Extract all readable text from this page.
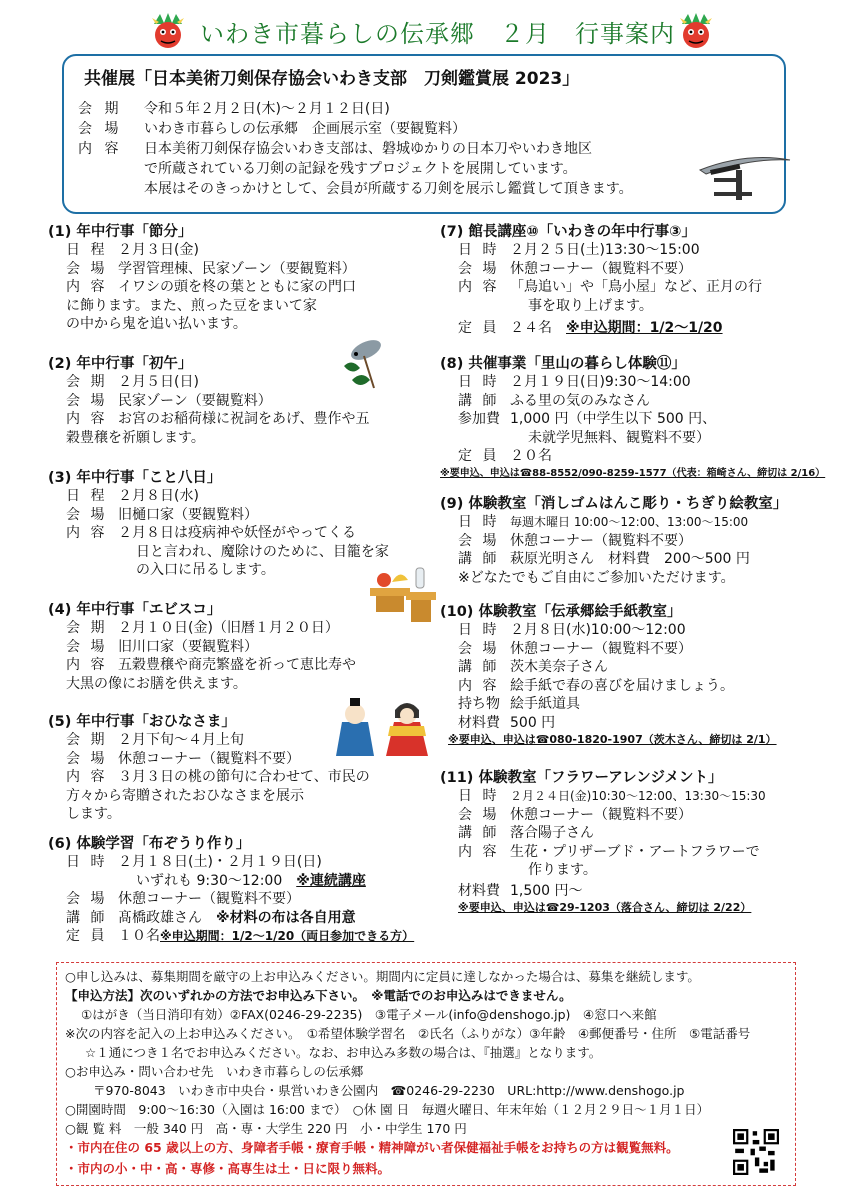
いわき市暮らしの伝承郷　２月　行事案内
共催展「日本美術刀剣保存協会いわき支部　刀剣鑑賞展 2023」
会 期 令和５年２月２日(木)～２月１２日(日)
会 場 いわき市暮らしの伝承郷　企画展示室（要観覧料）
内 容 日本美術刀剣保存協会いわき支部は、磐城ゆかりの日本刀やいわき地区
で所蔵されている刀剣の記録を残すプロジェクトを展開しています。
本展はそのきっかけとして、会員が所蔵する刀剣を展示し鑑賞して頂きます。
(1) 年中行事「節分」
日 程 ２月３日(金)
会 場 学習管理棟、民家ゾーン（要観覧料）
内 容 イワシの頭を柊の葉とともに家の門口
に飾ります。また、煎った豆をまいて家
の中から鬼を追い払います。
(2) 年中行事「初午」
会 期 ２月５日(日)
会 場 民家ゾーン（要観覧料）
内 容 お宮のお稲荷様に祝詞をあげ、豊作や五
穀豊穣を祈願します。
(3) 年中行事「こと八日」
日 程 ２月８日(水)
会 場 旧樋口家（要観覧料）
内 容 ２月８日は疫病神や妖怪がやってくる
日と言われ、魔除けのために、目籠を家
の入口に吊るします。
(4) 年中行事「エビスコ」
会 期 ２月１０日(金)（旧暦１月２０日）
会 場 旧川口家（要観覧料）
内 容 五穀豊穣や商売繁盛を祈って恵比寿や
大黒の像にお膳を供えます。
(5) 年中行事「おひなさま」
会 期 ２月下旬～４月上旬
会 場 休憩コーナー（観覧料不要）
内 容 ３月３日の桃の節句に合わせて、市民の
方々から寄贈されたおひなさまを展示
します。
(6) 体験学習「布ぞうり作り」
日 時 ２月１８日(土)・２月１９日(日)
いずれも 9:30～12:00　※連続講座
会 場 休憩コーナー（観覧料不要）
講 師 髙橋政雄さん　 ※材料の布は各自用意
定 員 １０名 ※申込期間：1/2～1/20（両日参加できる方）
(7) 館長講座⑩「いわきの年中行事③」
日 時 ２月２５日(土)13:30～15:00
会 場 休憩コーナー（観覧料不要）
内 容 「鳥追い」や「鳥小屋」など、正月の行
事を取り上げます。
定 員 ２４名　 ※申込期間：1/2～1/20
(8) 共催事業「里山の暮らし体験⑪」
日 時 ２月１９日(日)9:30～14:00
講 師 ふる里の気のみなさん
参加費 1,000 円（中学生以下 500 円、
未就学児無料、観覧料不要）
定 員 ２０名
※要申込、申込は☎88-8552/090-8259-1577（代表：箱崎さん、締切は 2/16）
(9) 体験教室「消しゴムはんこ彫り・ちぎり絵教室」
日 時 毎週木曜日 10:00～12:00、13:00～15:00
会 場 休憩コーナー（観覧料不要）
講 師 萩原光明さん　材料費　200～500 円
※どなたでもご自由にご参加いただけます。
(10) 体験教室「伝承郷絵手紙教室」
日 時 ２月８日(水)10:00～12:00
会 場 休憩コーナー（観覧料不要）
講 師 茨木美奈子さん
内 容 絵手紙で春の喜びを届けましょう。
持ち物 絵手紙道具
材料費 500 円
※要申込、申込は☎080-1820-1907（茨木さん、締切は 2/1）
(11) 体験教室「フラワーアレンジメント」
日 時 ２月２４日(金)10:30～12:00、13:30～15:30
会 場 休憩コーナー（観覧料不要）
講 師 落合陽子さん
内 容 生花・プリザーブド・アートフラワーで
作ります。
材料費 1,500 円～
※要申込、申込は☎29-1203（落合さん、締切は 2/22）
○申し込みは、募集期間を厳守の上お申込みください。期間内に定員に達しなかった場合は、募集を継続します。
【申込方法】次のいずれかの方法でお申込み下さい。　※電話でのお申込みはできません。
①はがき（当日消印有効）②FAX(0246-29-2235)　③電子メール(info@denshogo.jp)　④窓口へ来館
※次の内容を記入の上お申込みください。　①希望体験学習名　②氏名（ふりがな）③年齢　④郵便番号・住所　⑤電話番号
☆１通につき１名でお申込みください。なお、お申込み多数の場合は、『抽選』となります。
○お申込み・問い合わせ先　いわき市暮らしの伝承郷
〒970-8043　いわき市中央台・県営いわき公園内　☎0246-29-2230　URL:http://www.denshogo.jp
○開園時間　9:00～16:30（入園は 16:00 まで）　○休 園 日　毎週火曜日、年末年始（１２月２９日～１月１日）
○観 覧 料　一般 340 円　高・専・大学生 220 円　小・中学生 170 円
・市内在住の 65 歳以上の方、身障者手帳・療育手帳・精神障がい者保健福祉手帳をお持ちの方は観覧無料。
・市内の小・中・高・専修・高専生は土・日に限り無料。
